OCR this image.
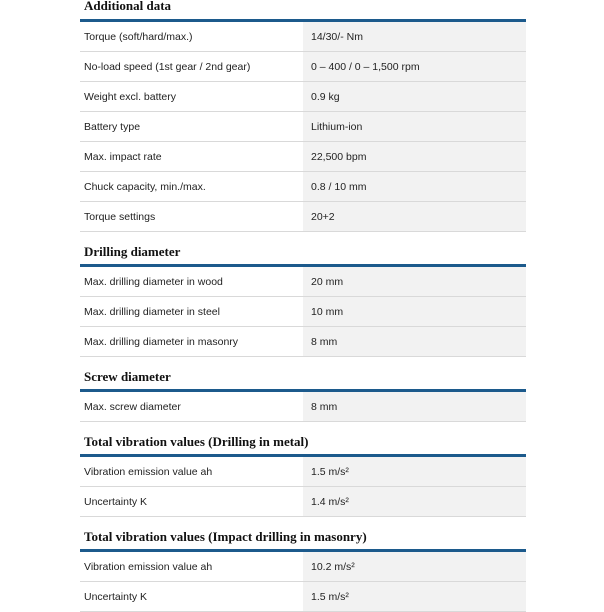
Additional data
Torque (soft/hard/max.)	14/30/- Nm
No-load speed (1st gear / 2nd gear)	0 – 400 / 0 – 1,500 rpm
Weight excl. battery	0.9 kg
Battery type	Lithium-ion
Max. impact rate	22,500 bpm
Chuck capacity, min./max.	0.8 / 10 mm
Torque settings	20+2
Drilling diameter
Max. drilling diameter in wood	20 mm
Max. drilling diameter in steel	10 mm
Max. drilling diameter in masonry	8 mm
Screw diameter
Max. screw diameter	8 mm
Total vibration values (Drilling in metal)
Vibration emission value ah	1.5 m/s²
Uncertainty K	1.4 m/s²
Total vibration values (Impact drilling in masonry)
Vibration emission value ah	10.2 m/s²
Uncertainty K	1.5 m/s²
